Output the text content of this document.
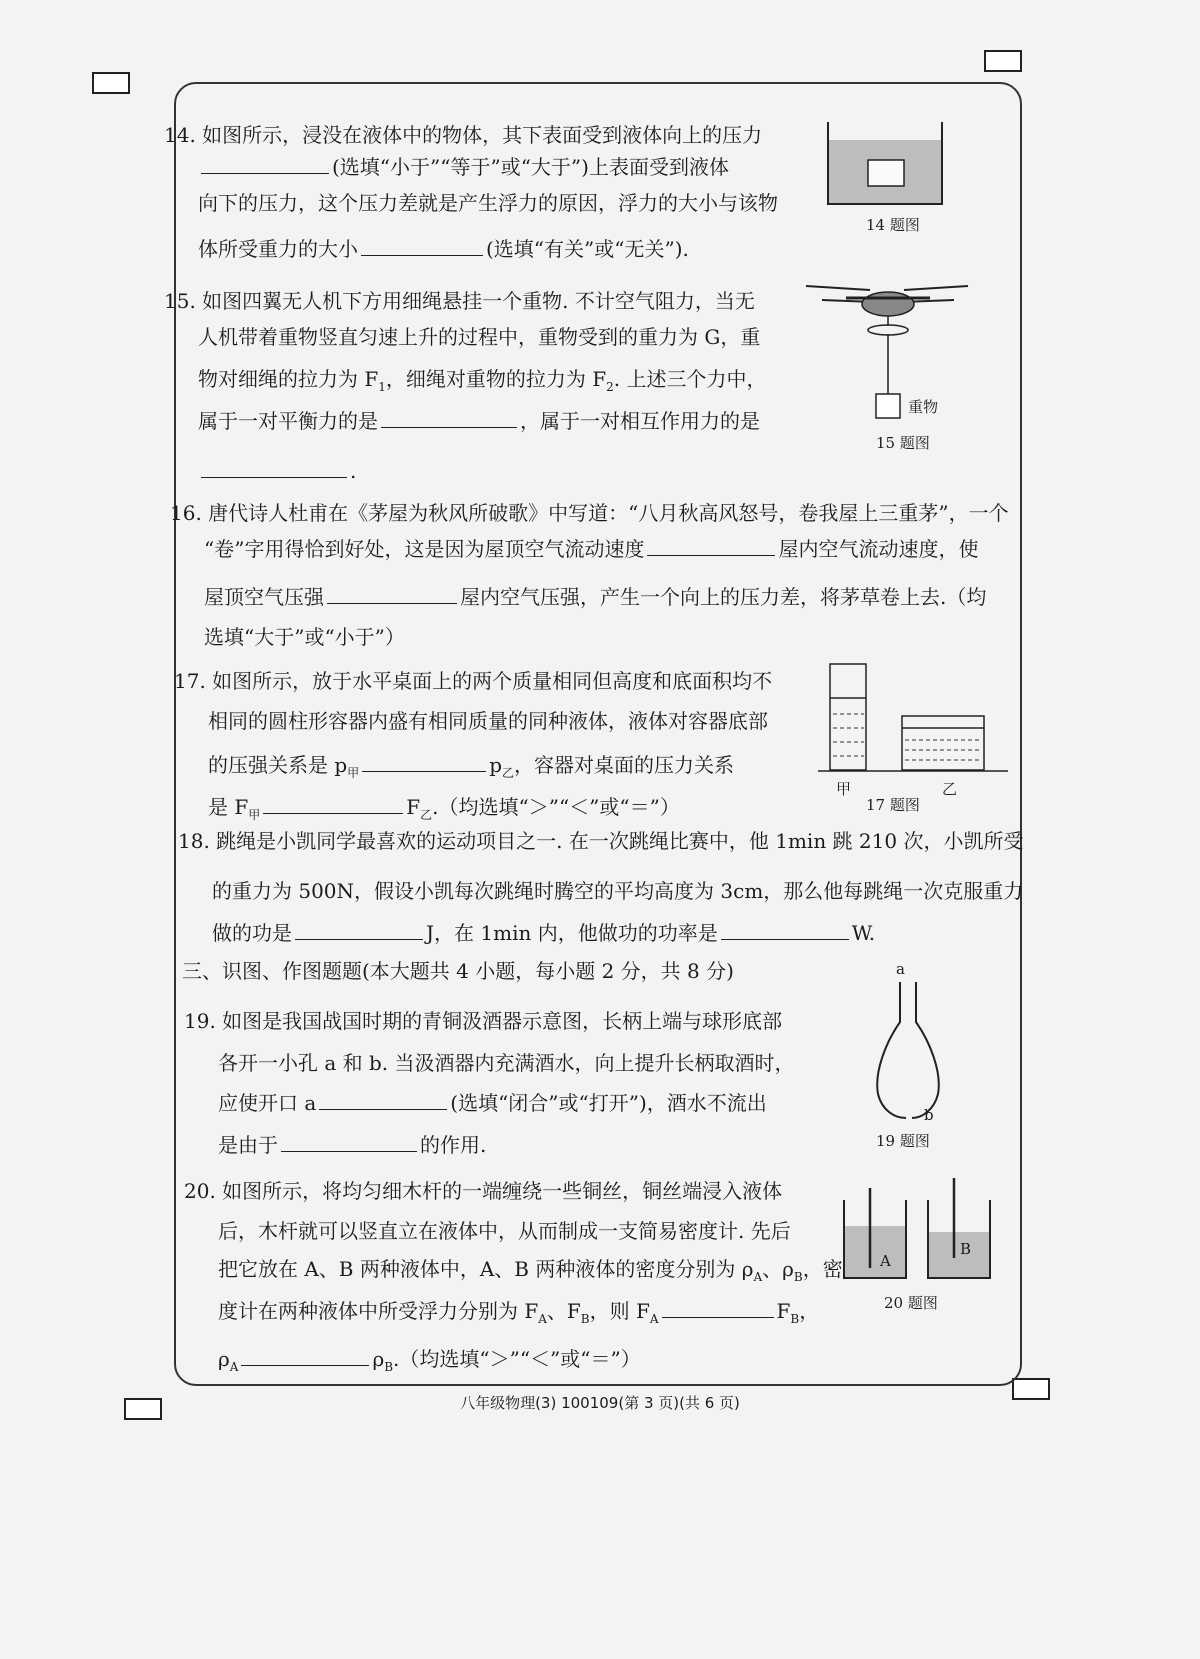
14. 如图所示，浸没在液体中的物体，其下表面受到液体向上的压力
(选填“小于”“等于”或“大于”)上表面受到液体
向下的压力，这个压力差就是产生浮力的原因，浮力的大小与该物
体所受重力的大小	(选填“有关”或“无关”).
14 题图
15. 如图四翼无人机下方用细绳悬挂一个重物. 不计空气阻力，当无
人机带着重物竖直匀速上升的过程中，重物受到的重力为 G，重
物对细绳的拉力为 $F_1$，细绳对重物的拉力为 $F_2$. 上述三个力中，
属于一对平衡力的是	，属于一对相互作用力的是
.
重物
15 题图
16. 唐代诗人杜甫在《茅屋为秋风所破歌》中写道：“八月秋高风怒号，卷我屋上三重茅”，一个
“卷”字用得恰到好处，这是因为屋顶空气流动速度	屋内空气流动速度，使
屋顶空气压强	屋内空气压强，产生一个向上的压力差，将茅草卷上去.（均
选填“大于”或“小于”）
17. 如图所示，放于水平桌面上的两个质量相同但高度和底面积均不
相同的圆柱形容器内盛有相同质量的同种液体，液体对容器底部
的压强关系是 $p_甲$	$p_乙$，容器对桌面的压力关系
是 $F_甲$	$F_乙$.（均选填“＞”“＜”或“＝”）
甲	乙
17 题图
18. 跳绳是小凯同学最喜欢的运动项目之一. 在一次跳绳比赛中，他 1min 跳 210 次，小凯所受
的重力为 500N，假设小凯每次跳绳时腾空的平均高度为 3cm，那么他每跳绳一次克服重力
做的功是	J，在 1min 内，他做功的功率是	W.
三、识图、作图题题(本大题共 4 小题，每小题 2 分，共 8 分)
19. 如图是我国战国时期的青铜汲酒器示意图，长柄上端与球形底部
各开一小孔 a 和 b. 当汲酒器内充满酒水，向上提升长柄取酒时，
应使开口 a	(选填“闭合”或“打开”)，酒水不流出
是由于	的作用.
a
b
19 题图
20. 如图所示，将均匀细木杆的一端缠绕一些铜丝，铜丝端浸入液体
后，木杆就可以竖直立在液体中，从而制成一支简易密度计. 先后
把它放在 A、B 两种液体中，A、B 两种液体的密度分别为 $\rho_A$、$\rho_B$，密
度计在两种液体中所受浮力分别为 $F_A$、$F_B$，则 $F_A$	$F_B$，
$\rho_A$	$\rho_B$.（均选填“＞”“＜”或“＝”）
A
B
20 题图
八年级物理(3) 100109(第 3 页)(共 6 页)
